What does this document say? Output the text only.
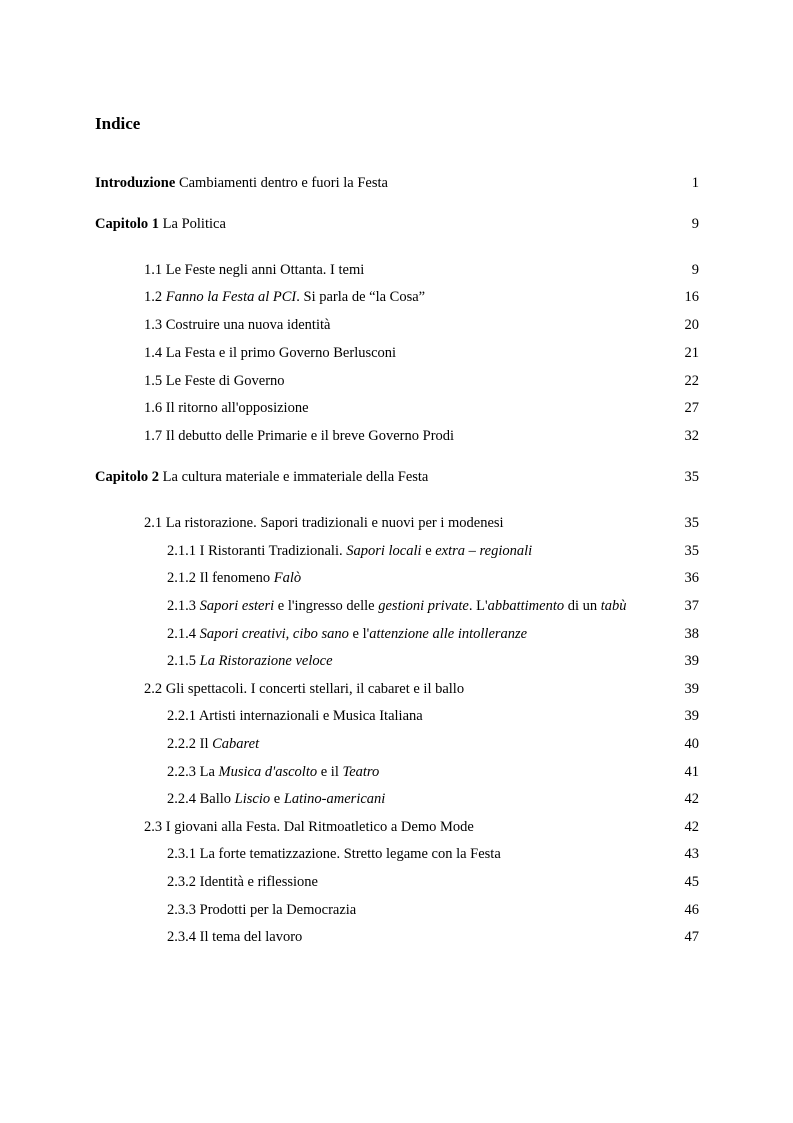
Indice
Introduzione Cambiamenti dentro e fuori la Festa	1
Capitolo 1 La Politica	9
1.1 Le Feste negli anni Ottanta. I temi	9
1.2 Fanno la Festa al PCI. Si parla de “la Cosa”	16
1.3 Costruire una nuova identità	20
1.4 La Festa e il primo Governo Berlusconi	21
1.5 Le Feste di Governo	22
1.6 Il ritorno all'opposizione	27
1.7 Il debutto delle Primarie e il breve Governo Prodi	32
Capitolo 2 La cultura materiale e immateriale della Festa	35
2.1 La ristorazione. Sapori tradizionali e nuovi per i modenesi	35
2.1.1 I Ristoranti Tradizionali. Sapori locali e extra – regionali	35
2.1.2 Il fenomeno Falò	36
2.1.3 Sapori esteri e l'ingresso delle gestioni private. L'abbattimento di un tabù	37
2.1.4 Sapori creativi, cibo sano e l'attenzione alle intolleranze	38
2.1.5 La Ristorazione veloce	39
2.2 Gli spettacoli. I concerti stellari, il cabaret e il ballo	39
2.2.1 Artisti internazionali e Musica Italiana	39
2.2.2 Il Cabaret	40
2.2.3 La Musica d'ascolto e il Teatro	41
2.2.4 Ballo Liscio e Latino-americani	42
2.3 I giovani alla Festa. Dal Ritmoatletico a Demo Mode	42
2.3.1 La forte tematizzazione. Stretto legame con la Festa	43
2.3.2 Identità e riflessione	45
2.3.3 Prodotti per la Democrazia	46
2.3.4 Il tema del lavoro	47
